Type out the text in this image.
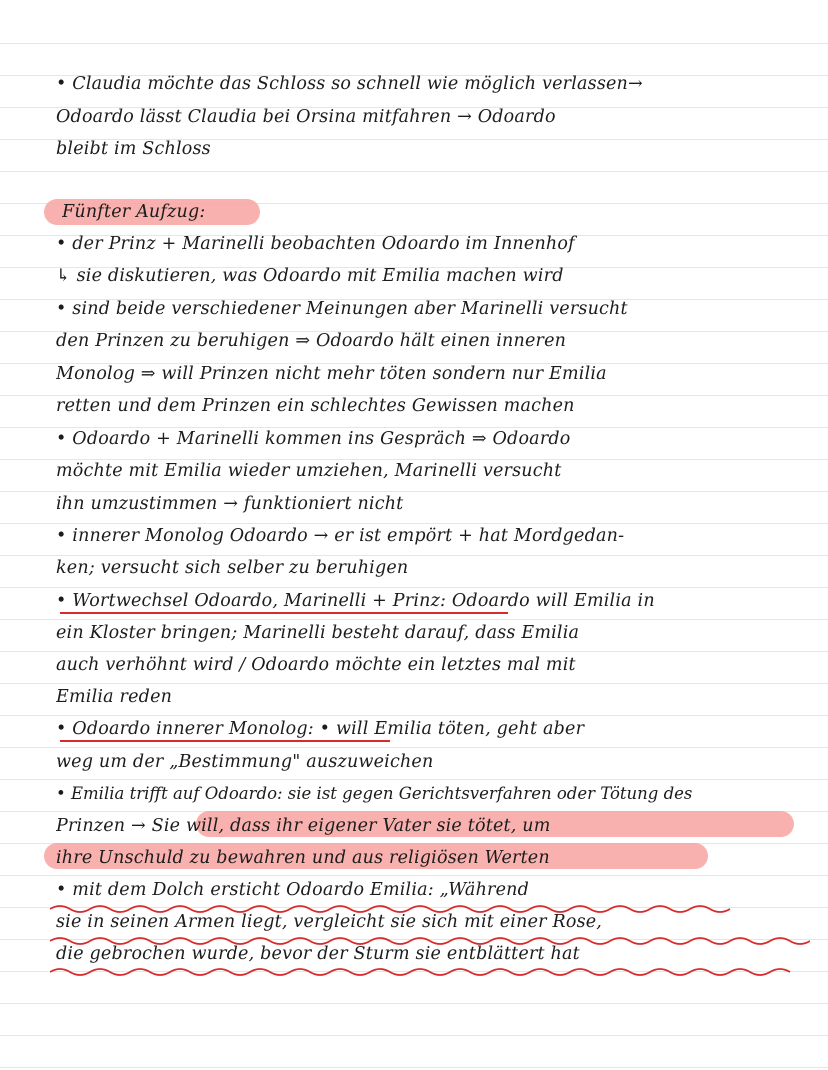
• Claudia möchte das Schloss so schnell wie möglich verlassen→
Odoardo lässt Claudia bei Orsina mitfahren → Odoardo
bleibt im Schloss
Fünfter Aufzug:
• der Prinz + Marinelli beobachten Odoardo im Innenhof
↳ sie diskutieren, was Odoardo mit Emilia machen wird
• sind beide verschiedener Meinungen aber Marinelli versucht
den Prinzen zu beruhigen ⇒ Odoardo hält einen inneren
Monolog ⇒ will Prinzen nicht mehr töten sondern nur Emilia
retten und dem Prinzen ein schlechtes Gewissen machen
• Odoardo + Marinelli kommen ins Gespräch ⇒ Odoardo
möchte mit Emilia wieder umziehen, Marinelli versucht
ihn umzustimmen → funktioniert nicht
• innerer Monolog Odoardo → er ist empört + hat Mordgedan-
ken; versucht sich selber zu beruhigen
• Wortwechsel Odoardo, Marinelli + Prinz: Odoardo will Emilia in
ein Kloster bringen; Marinelli besteht darauf, dass Emilia
auch verhöhnt wird / Odoardo möchte ein letztes mal mit
Emilia reden
• Odoardo innerer Monolog: • will Emilia töten, geht aber
weg um der „Bestimmung" auszuweichen
• Emilia trifft auf Odoardo: sie ist gegen Gerichtsverfahren oder Tötung des
Prinzen → Sie will, dass ihr eigener Vater sie tötet, um
ihre Unschuld zu bewahren und aus religiösen Werten
• mit dem Dolch ersticht Odoardo Emilia: „Während
sie in seinen Armen liegt, vergleicht sie sich mit einer Rose,
die gebrochen wurde, bevor der Sturm sie entblättert hat
